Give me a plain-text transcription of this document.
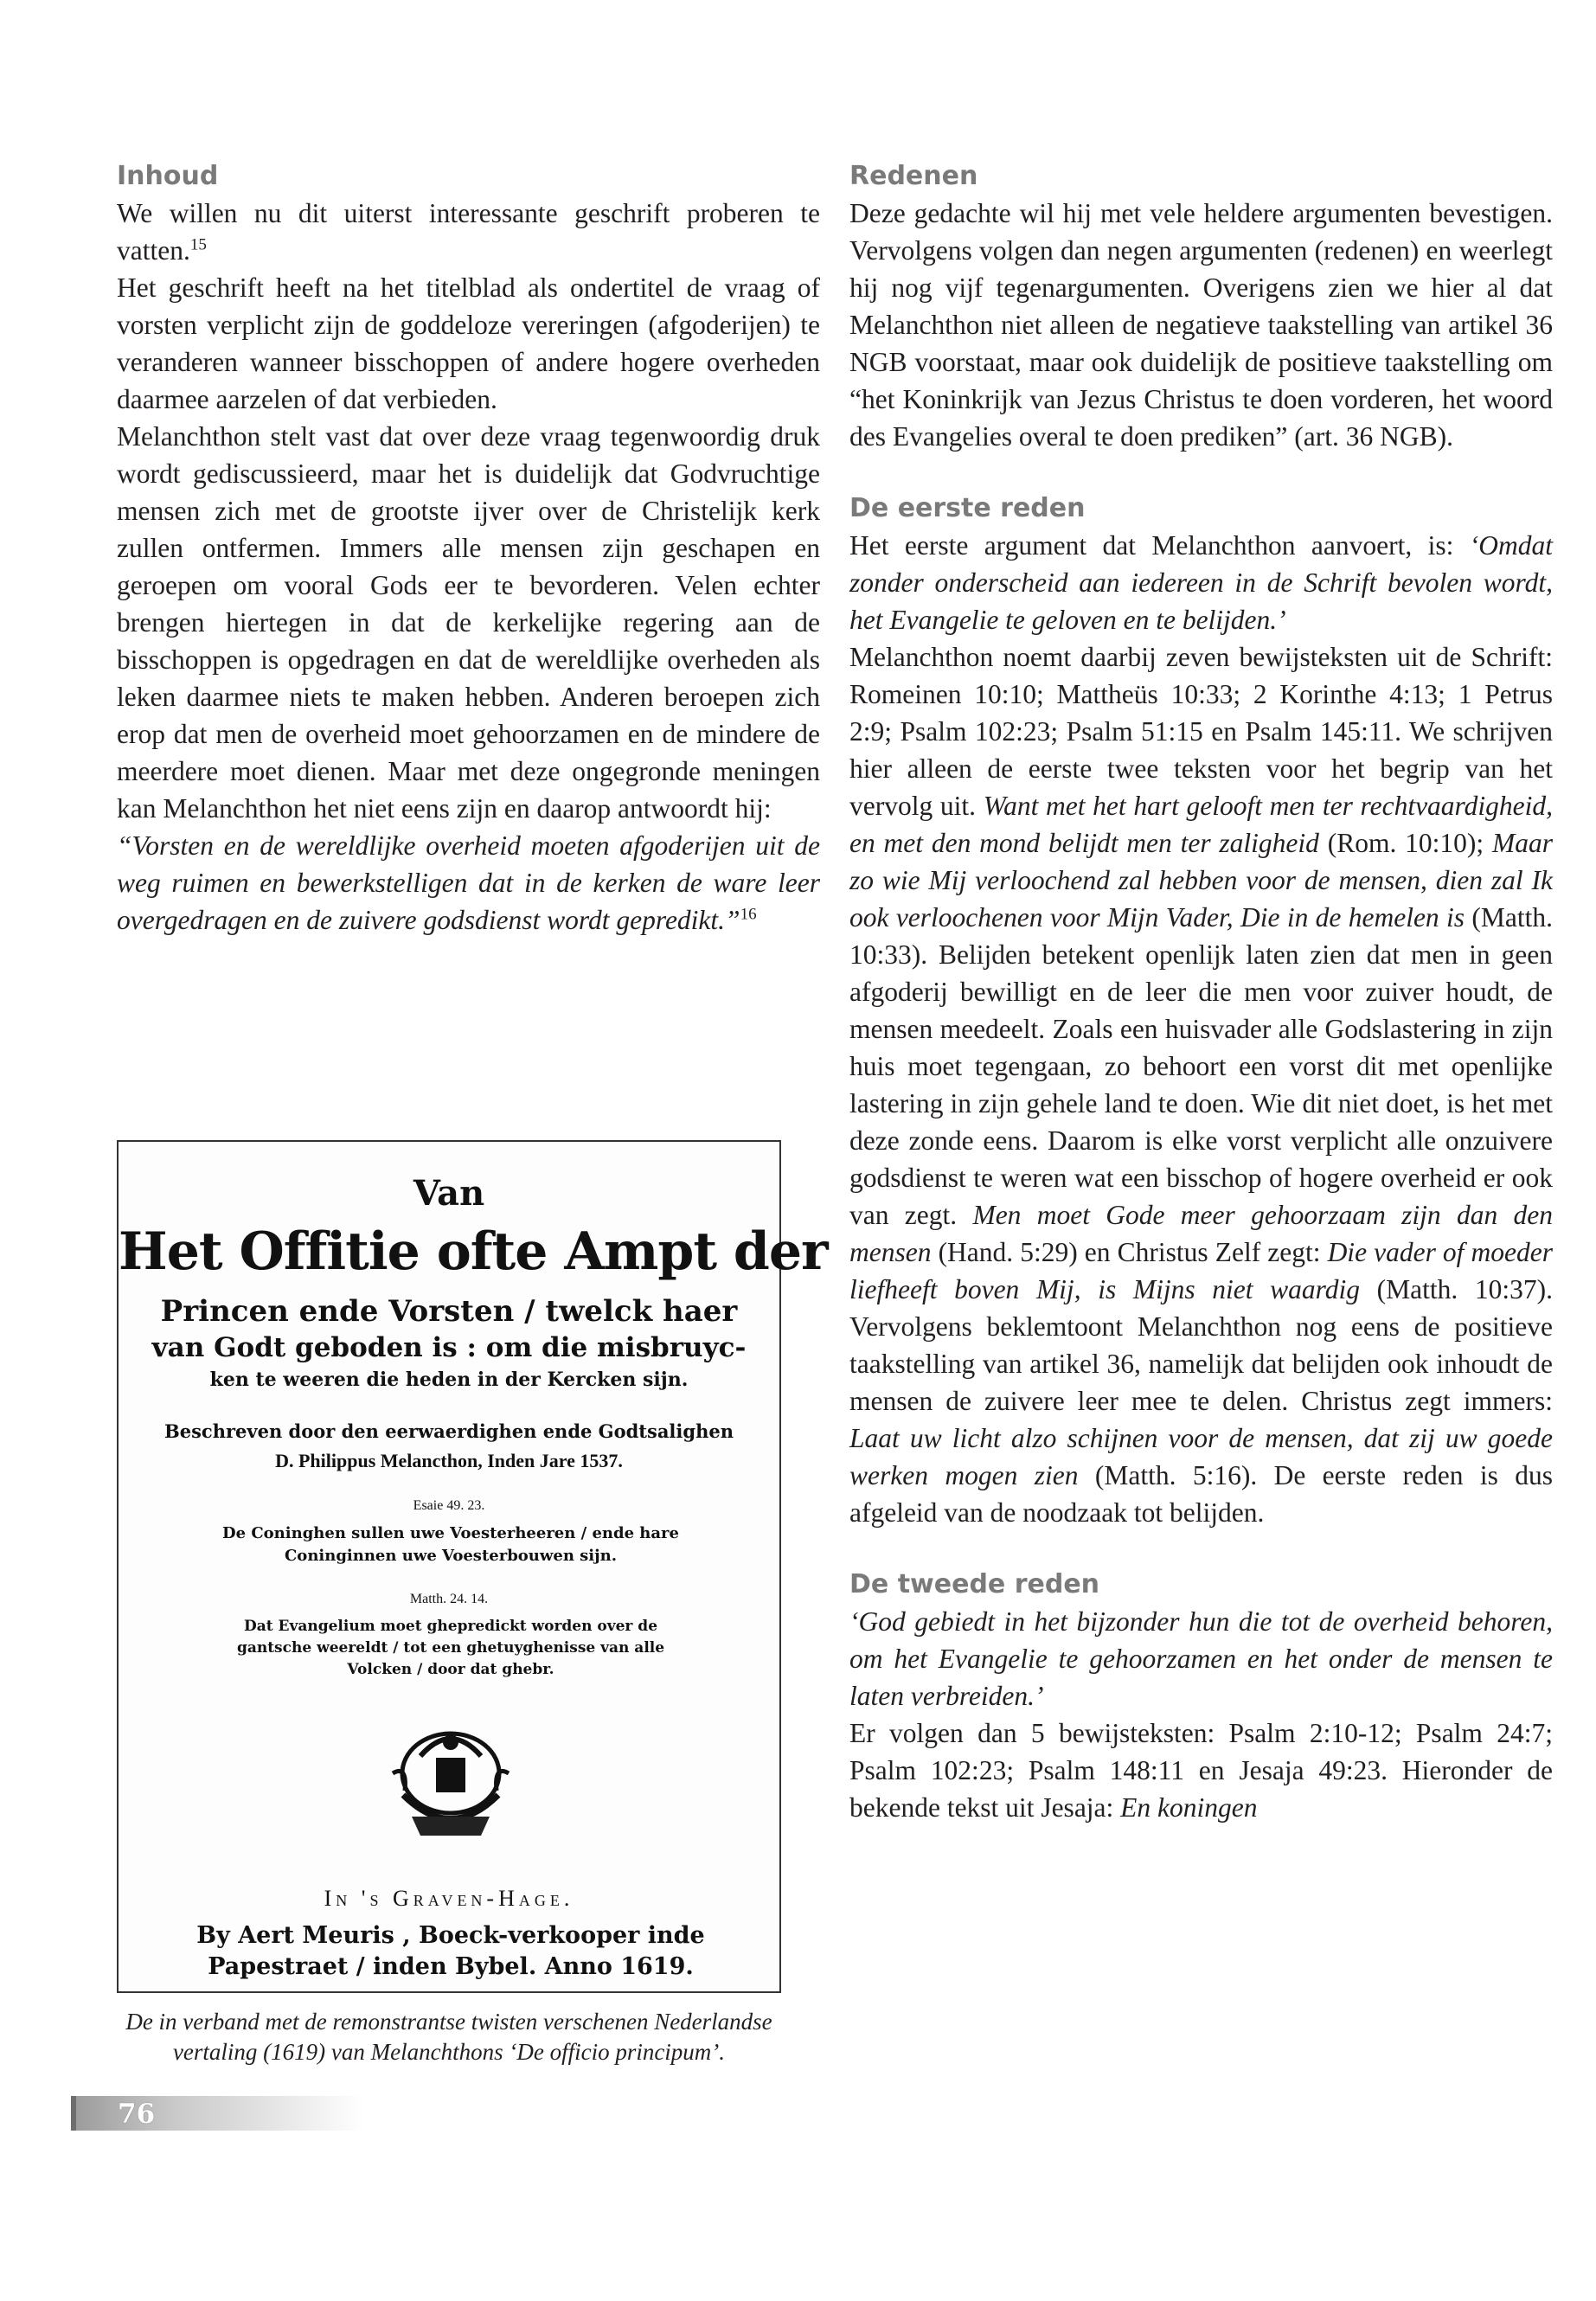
Inhoud

We willen nu dit uiterst interessante geschrift proberen te vatten.$^{15}$

Het geschrift heeft na het titelblad als ondertitel de vraag of vorsten verplicht zijn de goddeloze vereringen (afgoderijen) te veranderen wanneer bisschoppen of andere hogere overheden daarmee aarzelen of dat verbieden.

Melanchthon stelt vast dat over deze vraag tegenwoordig druk wordt gediscussieerd, maar het is duidelijk dat Godvruchtige mensen zich met de grootste ijver over de Christelijk kerk zullen ontfermen. Immers alle mensen zijn geschapen en geroepen om vooral Gods eer te bevorderen. Velen echter brengen hiertegen in dat de kerkelijke regering aan de bisschoppen is opgedragen en dat de wereldlijke overheden als leken daarmee niets te maken hebben. Anderen beroepen zich erop dat men de overheid moet gehoorzamen en de mindere de meerdere moet dienen. Maar met deze ongegronde meningen kan Melanchthon het niet eens zijn en daarop antwoordt hij:

“Vorsten en de wereldlijke overheid moeten afgoderijen uit de weg ruimen en bewerkstelligen dat in de kerken de ware leer overgedragen en de zuivere godsdienst wordt gepredikt.”$^{16}$

Van
Het Offitie ofte Ampt der
Princen ende Vorsten / twelck haer
van Godt geboden is : om die misbruyc-
ken te weeren die heden in der Kercken sijn.
Beschreven door den eerwaerdighen ende Godtsalighen
D. Philippus Melancthon, Inden Jare 1537.
Esaie 49. 23.
De Coninghen sullen uwe Voesterheeren / ende hare Coninginnen uwe Voesterbouwen sijn.
Matth. 24. 14.
Dat Evangelium moet ghepredickt worden over de gantsche weereldt / tot een ghetuyghenisse van alle Volcken / door dat ghebr.
In 's Graven-Hage.
By Aert Meuris , Boeck-verkooper inde Papestraet / inden Bybel. Anno 1619.
De in verband met de remonstrantse twisten verschenen Nederlandse vertaling (1619) van Melanchthons ‘De officio principum’.
Redenen

Deze gedachte wil hij met vele heldere argumenten bevestigen. Vervolgens volgen dan negen argumenten (redenen) en weerlegt hij nog vijf tegenargumenten. Overigens zien we hier al dat Melanchthon niet alleen de negatieve taakstelling van artikel 36 NGB voorstaat, maar ook duidelijk de positieve taakstelling om “het Koninkrijk van Jezus Christus te doen vorderen, het woord des Evangelies overal te doen prediken” (art. 36 NGB).

De eerste reden

Het eerste argument dat Melanchthon aanvoert, is: ‘Omdat zonder onderscheid aan iedereen in de Schrift bevolen wordt, het Evangelie te geloven en te belijden.’

Melanchthon noemt daarbij zeven bewijsteksten uit de Schrift: Romeinen 10:10; Mattheüs 10:33; 2 Korinthe 4:13; 1 Petrus 2:9; Psalm 102:23; Psalm 51:15 en Psalm 145:11. We schrijven hier alleen de eerste twee teksten voor het begrip van het vervolg uit. Want met het hart gelooft men ter rechtvaardigheid, en met den mond belijdt men ter zaligheid (Rom. 10:10); Maar zo wie Mij verloochend zal hebben voor de mensen, dien zal Ik ook verloochenen voor Mijn Vader, Die in de hemelen is (Matth. 10:33). Belijden betekent openlijk laten zien dat men in geen afgoderij bewilligt en de leer die men voor zuiver houdt, de mensen meedeelt. Zoals een huisvader alle Godslastering in zijn huis moet tegengaan, zo behoort een vorst dit met openlijke lastering in zijn gehele land te doen. Wie dit niet doet, is het met deze zonde eens. Daarom is elke vorst verplicht alle onzuivere godsdienst te weren wat een bisschop of hogere overheid er ook van zegt. Men moet Gode meer gehoorzaam zijn dan den mensen (Hand. 5:29) en Christus Zelf zegt: Die vader of moeder liefheeft boven Mij, is Mijns niet waardig (Matth. 10:37). Vervolgens beklemtoont Melanchthon nog eens de positieve taakstelling van artikel 36, namelijk dat belijden ook inhoudt de mensen de zuivere leer mee te delen. Christus zegt immers: Laat uw licht alzo schijnen voor de mensen, dat zij uw goede werken mogen zien (Matth. 5:16). De eerste reden is dus afgeleid van de noodzaak tot belijden.

De tweede reden

‘God gebiedt in het bijzonder hun die tot de overheid behoren, om het Evangelie te gehoorzamen en het onder de mensen te laten verbreiden.’

Er volgen dan 5 bewijsteksten: Psalm 2:10-12; Psalm 24:7; Psalm 102:23; Psalm 148:11 en Jesaja 49:23. Hieronder de bekende tekst uit Jesaja: En koningen

76
